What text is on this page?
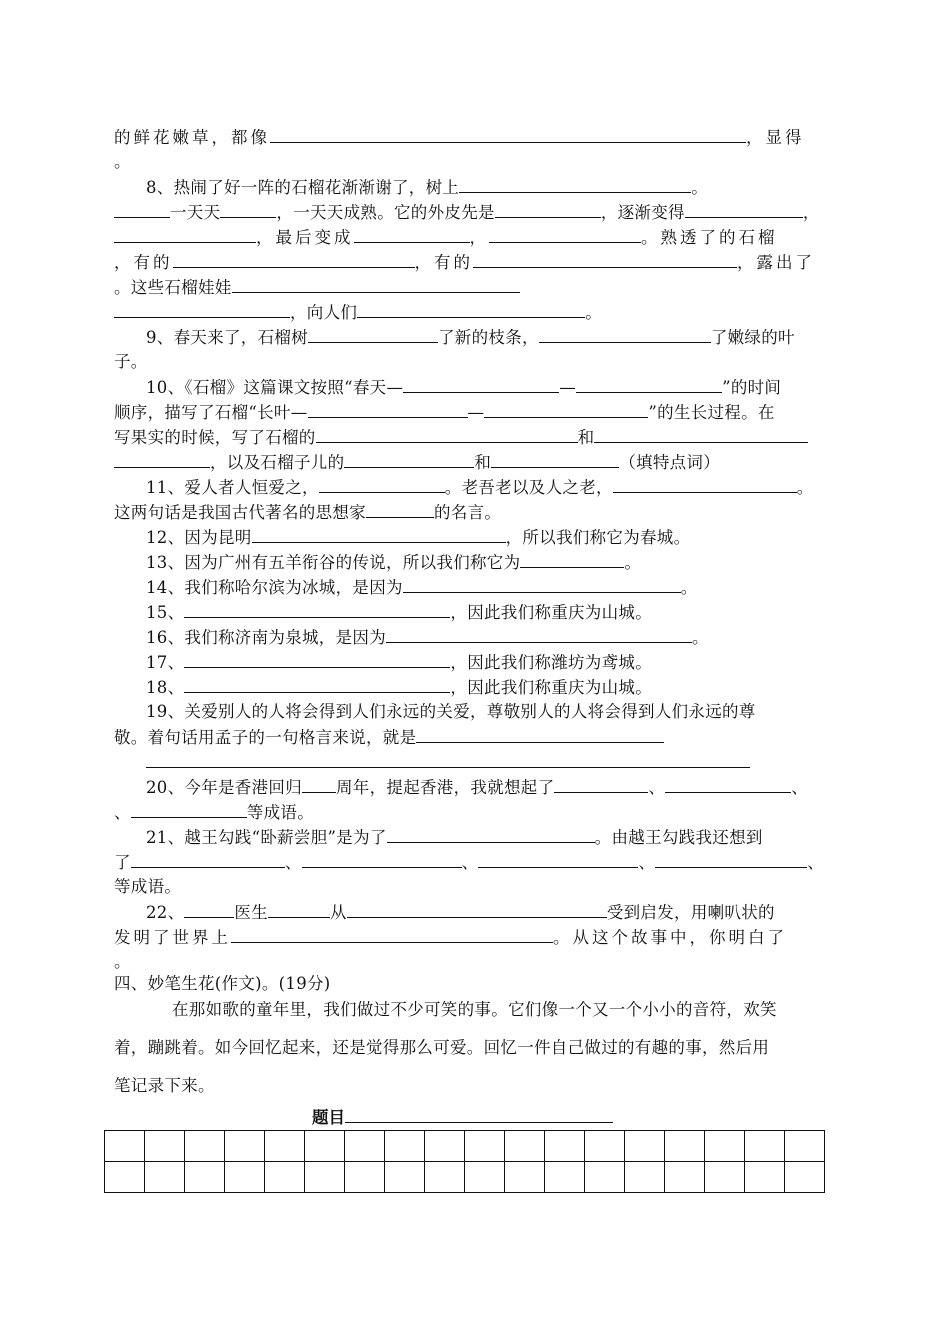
的鲜花嫩草，都像	，显得
。
8、热闹了好一阵的石榴花渐渐谢了，树上	。
一天天	，一天天成熟。它的外皮先是	，逐渐变得	，
，最后变成	，	。熟透了的石榴
，有的	，有的	，露出了
。这些石榴娃娃
，向人们	。
9、春天来了，石榴树	了新的枝条，	了嫩绿的叶
子。
10、《石榴》这篇课文按照“春天—	—	”的时间
顺序，描写了石榴“长叶—	—	”的生长过程。在
写果实的时候，写了石榴的	和
，以及石榴子儿的	和	（填特点词）
11、爱人者人恒爱之，	。老吾老以及人之老，	。
这两句话是我国古代著名的思想家	的名言。
12、因为昆明	，所以我们称它为春城。
13、因为广州有五羊衔谷的传说，所以我们称它为	。
14、我们称哈尔滨为冰城，是因为	。
15、	，因此我们称重庆为山城。
16、我们称济南为泉城，是因为	。
17、	，因此我们称潍坊为鸢城。
18、	，因此我们称重庆为山城。
19、关爱别人的人将会得到人们永远的关爱，尊敬别人的人将会得到人们永远的尊
敬。着句话用孟子的一句格言来说，就是
20、今年是香港回归 周年，提起香港，我就想起了	、	、
、	等成语。
21、越王勾践“卧薪尝胆”是为了	。由越王勾践我还想到
了	、	、	、	、
等成语。
22、	医生	从	受到启发，用喇叭状的
发明了世界上	。从这个故事中，你明白了
。
四、妙笔生花(作文)。(19分)
在那如歌的童年里，我们做过不少可笑的事。它们像一个又一个小小的音符，欢笑
着，蹦跳着。如今回忆起来，还是觉得那么可爱。回忆一件自己做过的有趣的事，然后用
笔记录下来。
题目
